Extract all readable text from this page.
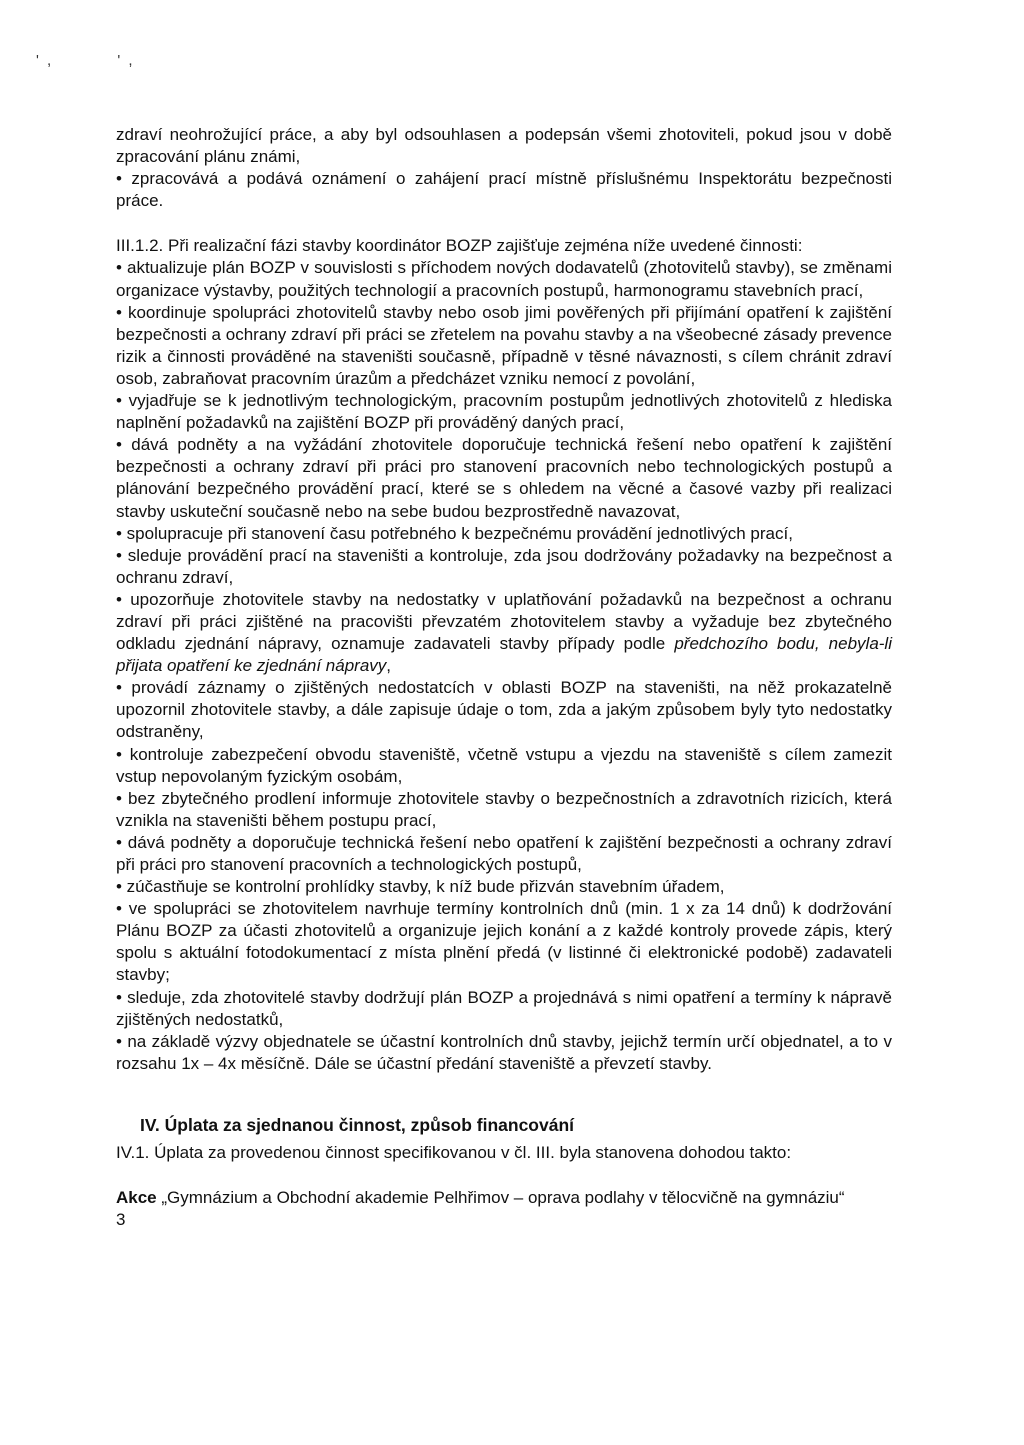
' ,	' ,

zdraví neohrožující práce, a aby byl odsouhlasen a podepsán všemi zhotoviteli, pokud jsou v době zpracování plánu známi,

• zpracovává a podává oznámení o zahájení prací místně příslušnému Inspektorátu bezpečnosti práce.

III.1.2. Při realizační fázi stavby koordinátor BOZP zajišťuje zejména níže uvedené činnosti:

• aktualizuje plán BOZP v souvislosti s příchodem nových dodavatelů (zhotovitelů stavby), se změnami organizace výstavby, použitých technologií a pracovních postupů, harmonogramu stavebních prací,

• koordinuje spolupráci zhotovitelů stavby nebo osob jimi pověřených při přijímání opatření k zajištění bezpečnosti a ochrany zdraví při práci se zřetelem na povahu stavby a na všeobecné zásady prevence rizik a činnosti prováděné na staveništi současně, případně v těsné návaznosti, s cílem chránit zdraví osob, zabraňovat pracovním úrazům a předcházet vzniku nemocí z povolání,

• vyjadřuje se k jednotlivým technologickým, pracovním postupům jednotlivých zhotovitelů z hlediska naplnění požadavků na zajištění BOZP při prováděný daných prací,

• dává podněty a na vyžádání zhotovitele doporučuje technická řešení nebo opatření k zajištění bezpečnosti a ochrany zdraví při práci pro stanovení pracovních nebo technologických postupů a plánování bezpečného provádění prací, které se s ohledem na věcné a časové vazby při realizaci stavby uskuteční současně nebo na sebe budou bezprostředně navazovat,

• spolupracuje při stanovení času potřebného k bezpečnému provádění jednotlivých prací,

• sleduje provádění prací na staveništi a kontroluje, zda jsou dodržovány požadavky na bezpečnost a ochranu zdraví,

• upozorňuje zhotovitele stavby na nedostatky v uplatňování požadavků na bezpečnost a ochranu zdraví při práci zjištěné na pracovišti převzatém zhotovitelem stavby a vyžaduje bez zbytečného odkladu zjednání nápravy, oznamuje zadavateli stavby případy podle předchozího bodu, nebyla-li přijata opatření ke zjednání nápravy,

• provádí záznamy o zjištěných nedostatcích v oblasti BOZP na staveništi, na něž prokazatelně upozornil zhotovitele stavby, a dále zapisuje údaje o tom, zda a jakým způsobem byly tyto nedostatky odstraněny,

• kontroluje zabezpečení obvodu staveniště, včetně vstupu a vjezdu na staveniště s cílem zamezit vstup nepovolaným fyzickým osobám,

• bez zbytečného prodlení informuje zhotovitele stavby o bezpečnostních a zdravotních rizicích, která vznikla na staveništi během postupu prací,

• dává podněty a doporučuje technická řešení nebo opatření k zajištění bezpečnosti a ochrany zdraví při práci pro stanovení pracovních a technologických postupů,

• zúčastňuje se kontrolní prohlídky stavby, k níž bude přizván stavebním úřadem,

• ve spolupráci se zhotovitelem navrhuje termíny kontrolních dnů (min. 1 x za 14 dnů) k dodržování Plánu BOZP za účasti zhotovitelů a organizuje jejich konání a z každé kontroly provede zápis, který spolu s aktuální fotodokumentací z místa plnění předá (v listinné či elektronické podobě) zadavateli stavby;

• sleduje, zda zhotovitelé stavby dodržují plán BOZP a projednává s nimi opatření a termíny k nápravě zjištěných nedostatků,

• na základě výzvy objednatele se účastní kontrolních dnů stavby, jejichž termín určí objednatel, a to v rozsahu 1x – 4x měsíčně. Dále se účastní předání staveniště a převzetí stavby.

IV. Úplata za sjednanou činnost, způsob financování

IV.1. Úplata za provedenou činnost specifikovanou v čl. III. byla stanovena dohodou takto:

Akce „Gymnázium a Obchodní akademie Pelhřimov – oprava podlahy v tělocvičně na gymnáziu“

3
